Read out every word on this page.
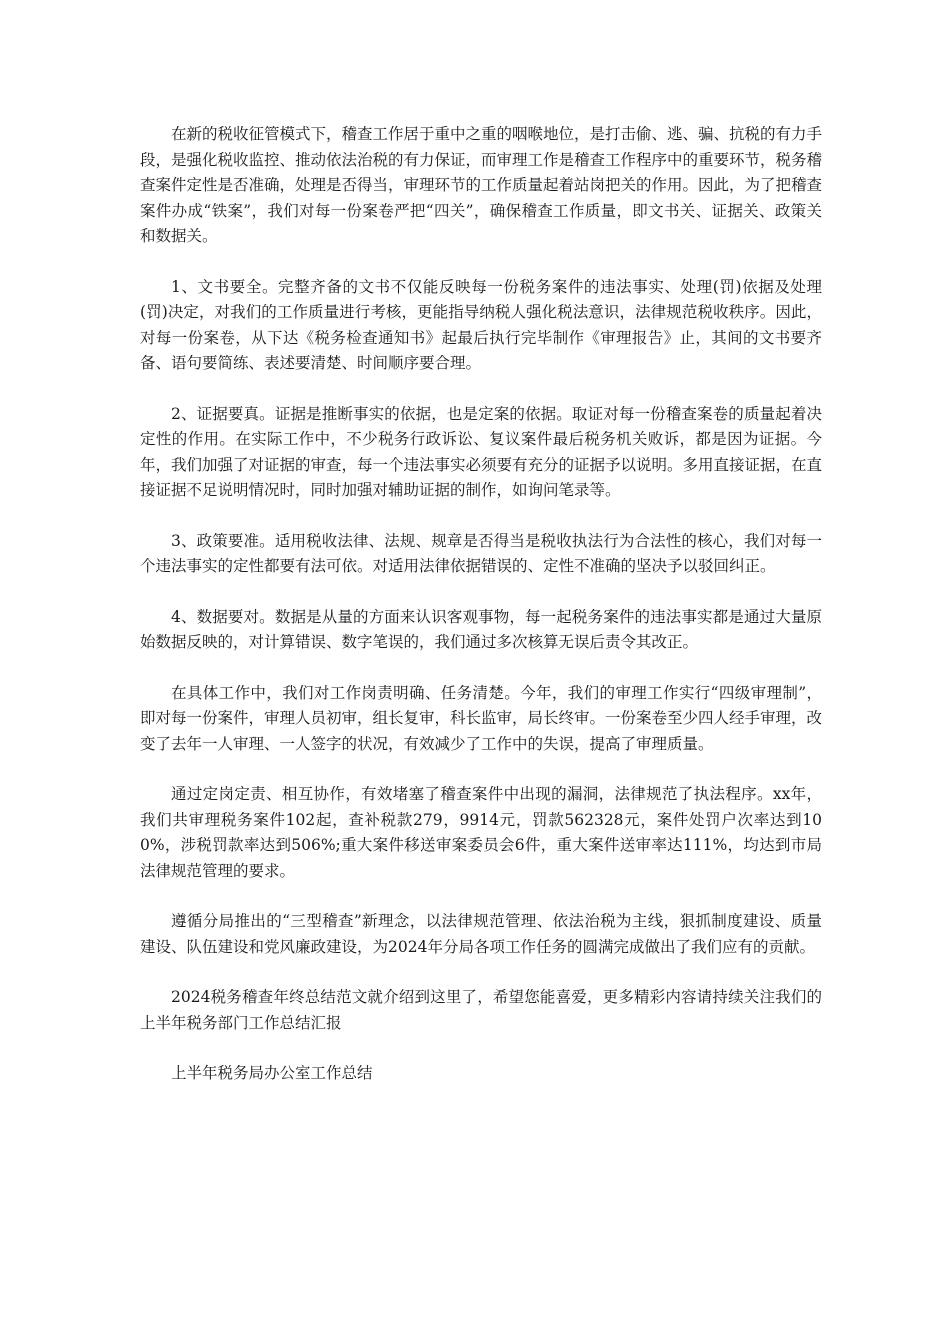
在新的税收征管模式下，稽查工作居于重中之重的咽喉地位，是打击偷、逃、骗、抗税的有力手段，是强化税收监控、推动依法治税的有力保证，而审理工作是稽查工作程序中的重要环节，税务稽查案件定性是否准确，处理是否得当，审理环节的工作质量起着站岗把关的作用。因此，为了把稽查案件办成“铁案”，我们对每一份案卷严把“四关”，确保稽查工作质量，即文书关、证据关、政策关和数据关。

1、文书要全。完整齐备的文书不仅能反映每一份税务案件的违法事实、处理(罚)依据及处理(罚)决定，对我们的工作质量进行考核，更能指导纳税人强化税法意识，法律规范税收秩序。因此，对每一份案卷，从下达《税务检查通知书》起最后执行完毕制作《审理报告》止，其间的文书要齐备、语句要简练、表述要清楚、时间顺序要合理。

2、证据要真。证据是推断事实的依据，也是定案的依据。取证对每一份稽查案卷的质量起着决定性的作用。在实际工作中，不少税务行政诉讼、复议案件最后税务机关败诉，都是因为证据。今年，我们加强了对证据的审查，每一个违法事实必须要有充分的证据予以说明。多用直接证据，在直接证据不足说明情况时，同时加强对辅助证据的制作，如询问笔录等。

3、政策要准。适用税收法律、法规、规章是否得当是税收执法行为合法性的核心，我们对每一个违法事实的定性都要有法可依。对适用法律依据错误的、定性不准确的坚决予以驳回纠正。

4、数据要对。数据是从量的方面来认识客观事物，每一起税务案件的违法事实都是通过大量原始数据反映的，对计算错误、数字笔误的，我们通过多次核算无误后责令其改正。

在具体工作中，我们对工作岗责明确、任务清楚。今年，我们的审理工作实行“四级审理制”，即对每一份案件，审理人员初审，组长复审，科长监审，局长终审。一份案卷至少四人经手审理，改变了去年一人审理、一人签字的状况，有效减少了工作中的失误，提高了审理质量。

通过定岗定责、相互协作，有效堵塞了稽查案件中出现的漏洞，法律规范了执法程序。xx年，我们共审理税务案件102起，查补税款279，9914元，罚款562328元，案件处罚户次率达到100%，涉税罚款率达到506%;重大案件移送审案委员会6件，重大案件送审率达111%，均达到市局法律规范管理的要求。

遵循分局推出的“三型稽查”新理念，以法律规范管理、依法治税为主线，狠抓制度建设、质量建设、队伍建设和党风廉政建设，为2024年分局各项工作任务的圆满完成做出了我们应有的贡献。

2024税务稽查年终总结范文就介绍到这里了，希望您能喜爱，更多精彩内容请持续关注我们的上半年税务部门工作总结汇报

上半年税务局办公室工作总结
